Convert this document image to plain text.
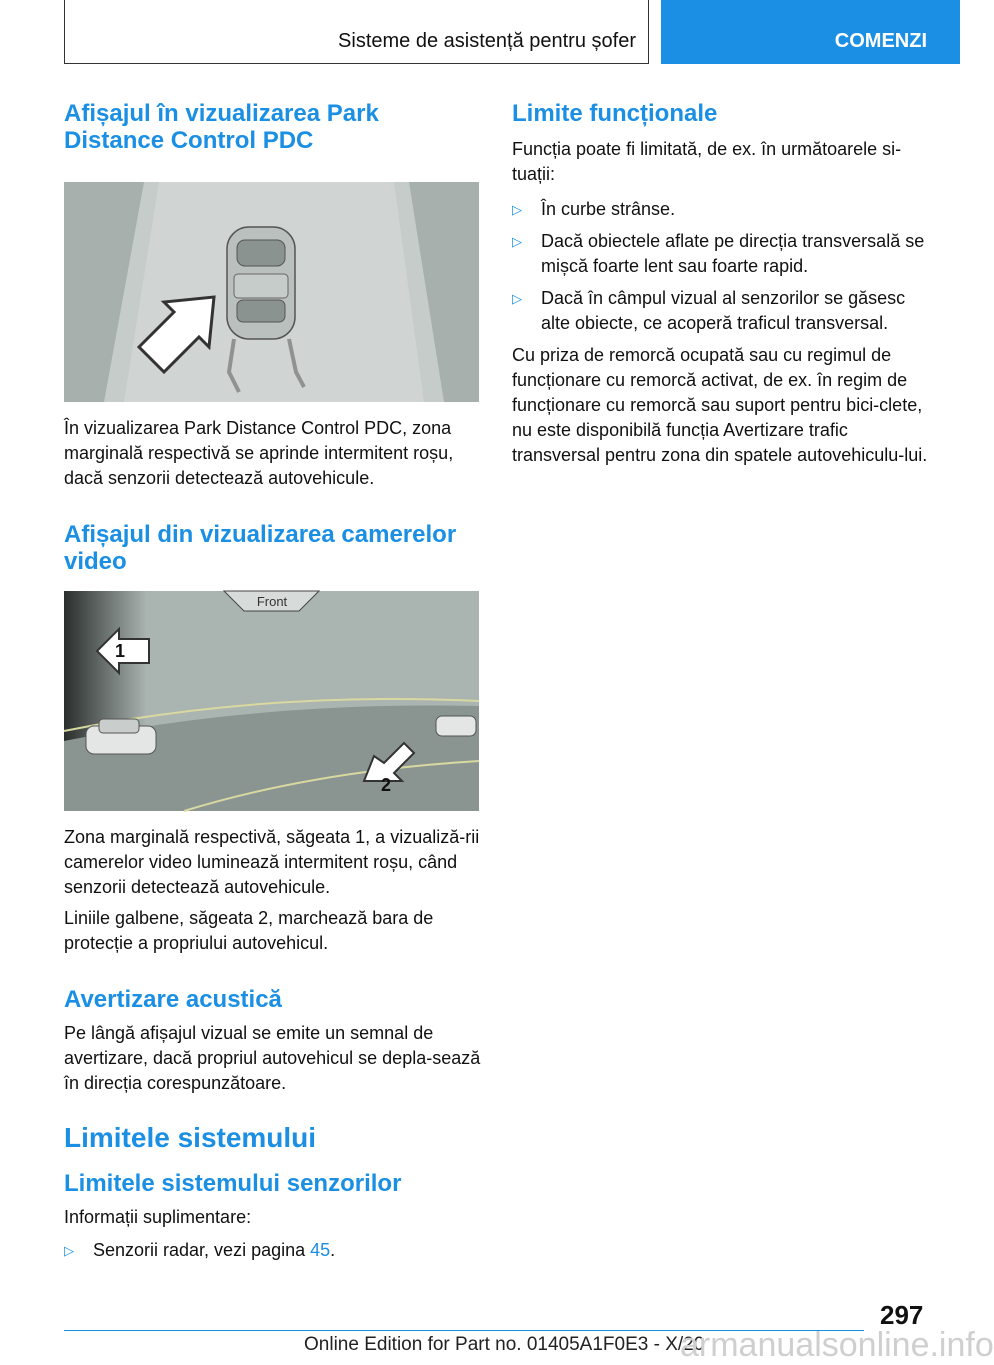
Sisteme de asistență pentru șofer	COMENZI
Afișajul în vizualizarea Park Distance Control PDC

În vizualizarea Park Distance Control PDC, zona marginală respectivă se aprinde intermitent roșu, dacă senzorii detectează autovehicule.

Afișajul din vizualizarea camerelor video
Front
1
2

Zona marginală respectivă, săgeata 1, a vizualiză-rii camerelor video luminează intermitent roșu, când senzorii detectează autovehicule.

Liniile galbene, săgeata 2, marchează bara de protecție a propriului autovehicul.

Avertizare acustică

Pe lângă afișajul vizual se emite un semnal de avertizare, dacă propriul autovehicul se depla-sează în direcția corespunzătoare.

Limitele sistemului
Limitele sistemului senzorilor

Informații suplimentare:

▷ Senzorii radar, vezi pagina 45.
Limite funcționale

Funcția poate fi limitată, de ex. în următoarele si-tuații:

▷ În curbe strânse.
▷ Dacă obiectele aflate pe direcția transversală se mișcă foarte lent sau foarte rapid.
▷ Dacă în câmpul vizual al senzorilor se găsesc alte obiecte, ce acoperă traficul transversal.

Cu priza de remorcă ocupată sau cu regimul de funcționare cu remorcă activat, de ex. în regim de funcționare cu remorcă sau suport pentru bici-clete, nu este disponibilă funcția Avertizare trafic transversal pentru zona din spatele autovehiculu-lui.

297
Online Edition for Part no. 01405A1F0E3 - X/20
armanualsonline.info
